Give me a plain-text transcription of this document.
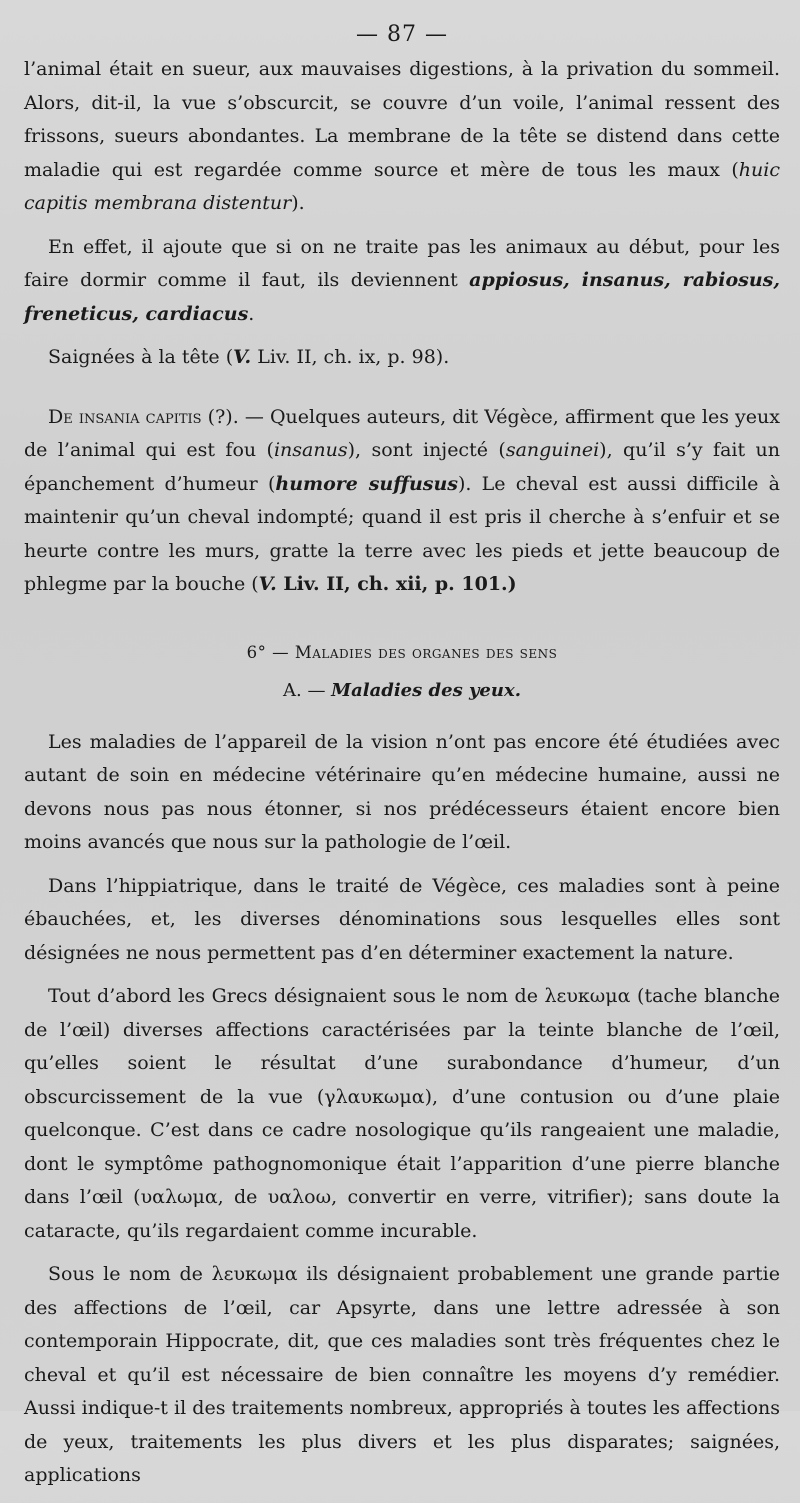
— 87 —

l’animal était en sueur, aux mauvaises digestions, à la privation du sommeil. Alors, dit-il, la vue s’obscurcit, se couvre d’un voile, l’animal ressent des frissons, sueurs abondantes. La membrane de la tête se distend dans cette maladie qui est regardée comme source et mère de tous les maux (huic capitis membrana distentur).

En effet, il ajoute que si on ne traite pas les animaux au début, pour les faire dormir comme il faut, ils deviennent appiosus, insanus, rabiosus, freneticus, cardiacus.

Saignées à la tête (V. Liv. II, ch. ix, p. 98).

De insania capitis (?). — Quelques auteurs, dit Végèce, affirment que les yeux de l’animal qui est fou (insanus), sont injecté (sanguinei), qu’il s’y fait un épanchement d’humeur (humore suffusus). Le cheval est aussi difficile à maintenir qu’un cheval indompté; quand il est pris il cherche à s’enfuir et se heurte contre les murs, gratte la terre avec les pieds et jette beaucoup de phlegme par la bouche (V. Liv. II, ch. xii, p. 101.)

6° — Maladies des organes des sens
A. — Maladies des yeux.

Les maladies de l’appareil de la vision n’ont pas encore été étudiées avec autant de soin en médecine vétérinaire qu’en médecine humaine, aussi ne devons nous pas nous étonner, si nos prédécesseurs étaient encore bien moins avancés que nous sur la pathologie de l’œil.

Dans l’hippiatrique, dans le traité de Végèce, ces maladies sont à peine ébauchées, et, les diverses dénominations sous lesquelles elles sont désignées ne nous permettent pas d’en déterminer exactement la nature.

Tout d’abord les Grecs désignaient sous le nom de λευκωμα (tache blanche de l’œil) diverses affections caractérisées par la teinte blanche de l’œil, qu’elles soient le résultat d’une surabondance d’humeur, d’un obscurcissement de la vue (γλαυκωμα), d’une contusion ou d’une plaie quelconque. C’est dans ce cadre nosologique qu’ils rangeaient une maladie, dont le symptôme pathognomonique était l’apparition d’une pierre blanche dans l’œil (υαλωμα, de υαλοω, convertir en verre, vitrifier); sans doute la cataracte, qu’ils regardaient comme incurable.

Sous le nom de λευκωμα ils désignaient probablement une grande partie des affections de l’œil, car Apsyrte, dans une lettre adressée à son contemporain Hippocrate, dit, que ces maladies sont très fréquentes chez le cheval et qu’il est nécessaire de bien connaître les moyens d’y remédier. Aussi indique-t il des traitements nombreux, appropriés à toutes les affections de yeux, traitements les plus divers et les plus disparates; saignées, applications
